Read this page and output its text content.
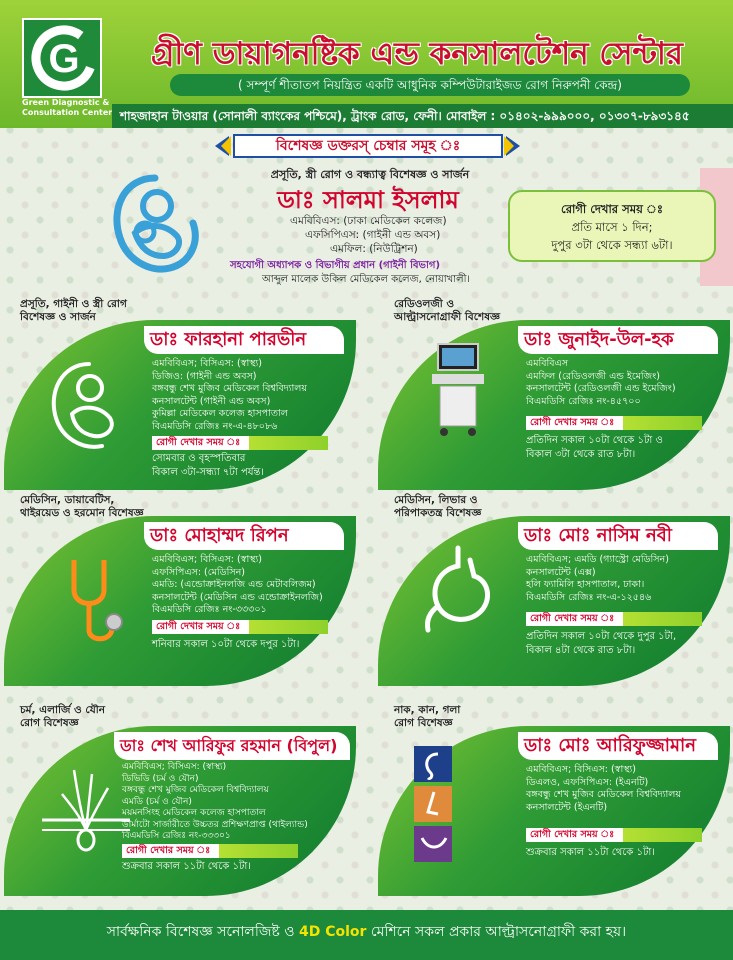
G
Green Diagnostic &
Consultation Center
গ্রীণ ডায়াগনষ্টিক এন্ড কনসালটেশন সেন্টার
( সম্পূর্ণ শীতাতপ নিয়ন্ত্রিত একটি আধুনিক কম্পিউটারাইজড রোগ নিরুপনী কেন্দ্র)
শাহজাহান টাওয়ার (সোনালী ব্যাংকের পশ্চিমে), ট্রাংক রোড, ফেনী। মোবাইল : ০১৪০২-৯৯৯০০০, ০১৩০৭-৮৯৩১৪৫
বিশেষজ্ঞ ডক্তরস্ চেম্বার সমূহ ঃ
প্রসূতি, স্ত্রী রোগ ও বন্ধ্যাত্ব বিশেষজ্ঞ ও সার্জন
ডাঃ সালমা ইসলাম
এমবিবিএস: (ঢাকা মেডিকেল কলেজ)
এফসিপিএস: (গাইনী এন্ড অবস)
এমফিল: (নিউট্রিশন)
সহযোগী অধ্যাপক ও বিভাগীয় প্রধান (গাইনী বিভাগ)
আব্দুল মালেক উকিল মেডিকেল কলেজ, নোয়াখালী।
রোগী দেখার সময় ঃ
প্রতি মাসে ১ দিন;
দুপুর ৩টা থেকে সন্ধ্যা ৬টা।
প্রসূতি, গাইনী ও স্ত্রী রোগ
বিশেষজ্ঞ ও সার্জন
ডাঃ ফারহানা পারভীন
এমবিবিএস; বিসিএস: (স্বাস্থ্য)
ডিজিও: (গাইনী এন্ড অবস)
বঙ্গবন্ধু শেখ মুজিব মেডিকেল বিশ্ববিদ্যালয়
কনসালটেন্ট (গাইনী এন্ড অবস)
কুমিল্লা মেডিকেল কলেজ হাসপাতাল
বিএমডিসি রেজিঃ নং-এ-৪৮০৮৬
রোগী দেখার সময় ঃ
সোমবার ও বৃহস্পতিবার
বিকাল ৩টা-সন্ধ্যা ৭টা পর্যন্ত।
রেডিওলজী ও
আল্ট্রাসনোগ্রাফী বিশেষজ্ঞ
ডাঃ জুনাইদ-উল-হক
এমবিবিএস
এমফিল (রেডিওলজী এন্ড ইমেজিং)
কনসালটেন্ট (রেডিওলজী এন্ড ইমেজিং)
বিএমডিসি রেজিঃ নং-৪৫৭০০
রোগী দেখার সময় ঃ
প্রতিদিন সকাল ১০টা থেকে ১টা ও
বিকাল ৩টা থেকে রাত ৮টা।
মেডিসিন, ডায়াবেটিস,
থাইরয়েড ও হরমোন বিশেষজ্ঞ
ডাঃ মোহাম্মদ রিপন
এমবিবিএস; বিসিএস: (স্বাস্থ্য)
এফসিপিএস: (মেডিসিন)
এমডি: (এন্ডোক্রাইনলজি এন্ড মেটাবলিজম)
কনসালটেন্ট (মেডিসিন এন্ড এন্ডোক্রাইনলজি)
বিএমডিসি রেজিঃ নং-৩৩৩০১
রোগী দেখার সময় ঃ
শনিবার সকাল ১০টা থেকে দপুর ১টা।
মেডিসিন, লিভার ও
পরিপাকতন্ত্র বিশেষজ্ঞ
ডাঃ মোঃ নাসিম নবী
এমবিবিএস; এমডি (গ্যাস্ট্রো মেডিসিন)
কনসালটেন্ট (এক্স)
হলি ফ্যামিলি হাসপাতাল, ঢাকা।
বিএমডিসি রেজিঃ নং-এ-১২৫৪৬
রোগী দেখার সময় ঃ
প্রতিদিন সকাল ১০টা থেকে দুপুর ১টা,
বিকাল ৪টা থেকে রাত ৮টা।
চর্ম, এলার্জি ও যৌন
রোগ বিশেষজ্ঞ
ডাঃ শেখ আরিফুর রহমান (বিপুল)
এমবিবিএস; বিসিএস: (স্বাস্থ্য)
ডিভিডি (চর্ম ও যৌন)
বঙ্গবন্ধু শেখ মুজিব মেডিকেল বিশ্ববিদ্যালয়
এমডি (চর্ম ও যৌন)
ময়মনসিংহ মেডিকেল কলেজ হাসপাতাল
ডার্মাটো সার্জারীতে উচ্চতর প্রশিক্ষণপ্রাপ্ত (থাইল্যান্ড)
বিএমডিসি রেজিঃ নং-৩৩৩০১
রোগী দেখার সময় ঃ
শুক্রবার সকাল ১১টা থেকে ১টা।
নাক, কান, গলা
রোগ বিশেষজ্ঞ
ডাঃ মোঃ আরিফুজ্জামান
এমবিবিএস; বিসিএস: (স্বাস্থ্য)
ডিএলও, এফসিপিএস: (ইএনটি)
বঙ্গবন্ধু শেখ মুজিব মেডিকেল বিশ্ববিদ্যালয়
কনসালটেন্ট (ইএনটি)
রোগী দেখার সময় ঃ
শুক্রবার সকাল ১১টা থেকে ১টা।
সার্বক্ষনিক বিশেষজ্ঞ সনোলজিষ্ট ও 4D Color মেশিনে সকল প্রকার আল্ট্রাসনোগ্রাফী করা হয়।
